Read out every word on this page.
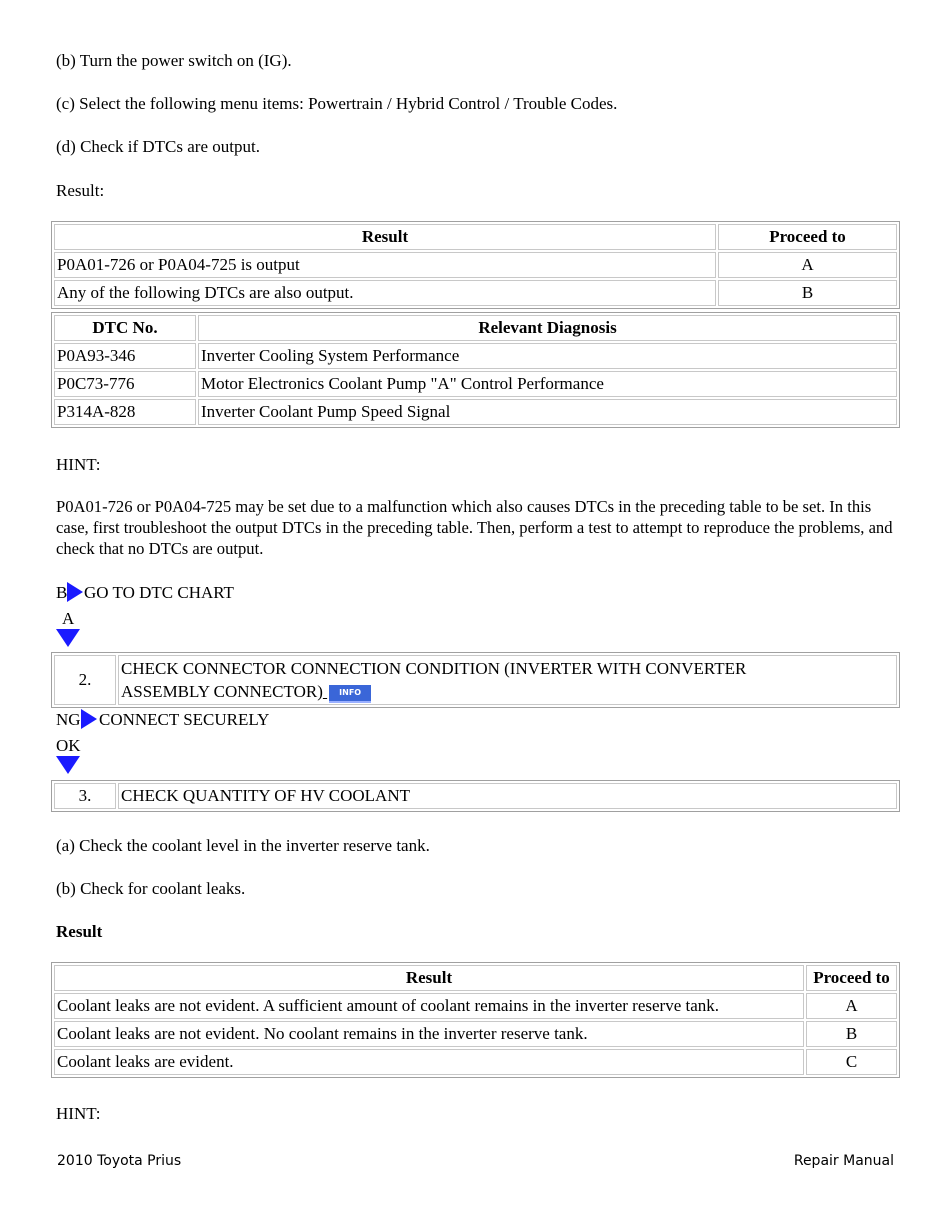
(b) Turn the power switch on (IG).

(c) Select the following menu items: Powertrain / Hybrid Control / Trouble Codes.

(d) Check if DTCs are output.

Result:

Result	Proceed to
P0A01-726 or P0A04-725 is output	A
Any of the following DTCs are also output.	B
DTC No.	Relevant Diagnosis
P0A93-346	Inverter Cooling System Performance
P0C73-776	Motor Electronics Coolant Pump "A" Control Performance
P314A-828	Inverter Coolant Pump Speed Signal

HINT:

P0A01-726 or P0A04-725 may be set due to a malfunction which also causes DTCs in the preceding table to be set. In this case, first troubleshoot the output DTCs in the preceding table. Then, perform a test to attempt to reproduce the problems, and check that no DTCs are output.

B GO TO DTC CHART
A
2.	CHECK CONNECTOR CONNECTION CONDITION (INVERTER WITH CONVERTER
ASSEMBLY CONNECTOR) INFO
NG CONNECT SECURELY
OK
3.	CHECK QUANTITY OF HV COOLANT

(a) Check the coolant level in the inverter reserve tank.

(b) Check for coolant leaks.

Result

Result	Proceed to
Coolant leaks are not evident. A sufficient amount of coolant remains in the inverter reserve tank.	A
Coolant leaks are not evident. No coolant remains in the inverter reserve tank.	B
Coolant leaks are evident.	C

HINT:

2010 Toyota Prius	Repair Manual
